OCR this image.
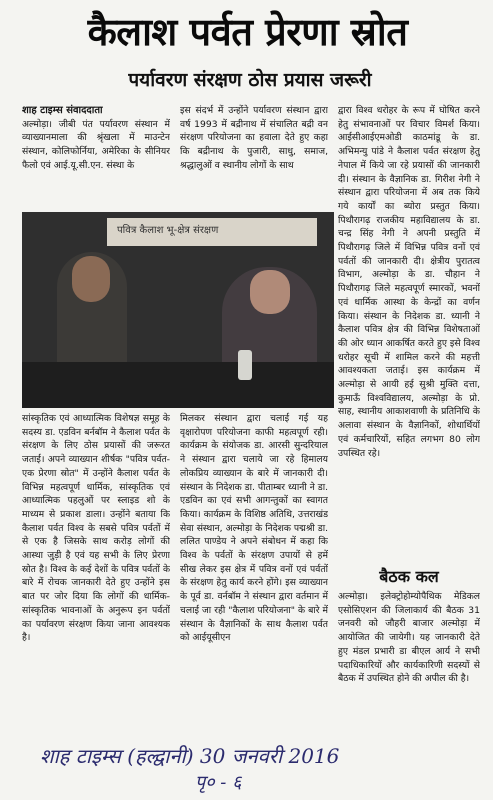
कैलाश पर्वत प्रेरणा स्रोत
पर्यावरण संरक्षण ठोस प्रयास जरूरी

शाह टाइम्स संवाददाता

अल्मोड़ा। जीबी पंत पर्यावरण संस्थान में व्याख्यानमाला की श्रृंखला में माउन्टेन संस्थान, कोलिफोर्निया, अमेरिका के सीनियर फैलो एवं आई.यू.सी.एन. संस्था के

इस संदर्भ में उन्होंने पर्यावरण संस्थान द्वारा वर्ष 1993 में बद्रीनाथ में संचालित बद्री वन संरक्षण परियोजना का हवाला देते हुए कहा कि बद्रीनाथ के पुजारी, साधु, समाज, श्रद्धालुओं व स्थानीय लोगों के साथ

द्वारा विश्व धरोहर के रूप में घोषित करने हेतु संभावनाओं पर विचार विमर्श किया। आईसीआईएमओडी काठमांडू के डा. अभिमन्यु पांडे ने कैलाश पर्वत संरक्षण हेतु नेपाल में किये जा रहे प्रयासों की जानकारी दी। संस्थान के वैज्ञानिक डा. गिरीश नेगी ने संस्थान द्वारा परियोजना में अब तक किये गये कार्यों का ब्योरा प्रस्तुत किया। पिथौरागढ़ राजकीय महाविद्यालय के डा. चन्द्र सिंह नेगी ने अपनी प्रस्तुति में पिथौरागढ़ जिले में विभिन्न पवित्र वनों एवं पर्वतों की जानकारी दी। क्षेत्रीय पुरातत्व विभाग, अल्मोड़ा के डा. चौहान ने पिथौरागढ़ जिले महत्वपूर्ण स्मारकों, भवनों एवं धार्मिक आस्था के केन्द्रों का वर्णन किया। संस्थान के निदेशक डा. ध्यानी ने कैलाश पवित्र क्षेत्र की विभिन्न विशेषताओं की ओर ध्यान आकर्षित करते हुए इसे विश्व धरोहर सूची में शामिल करने की महत्ती आवश्यकता जताई। इस कार्यक्रम में अल्मोड़ा से आयी हई सुश्री मुक्ति दत्ता, कुमाऊँ विश्वविद्यालय, अल्मोड़ा के प्रो. साह, स्थानीय आकाशवाणी के प्रतिनिधि के अलावा संस्थान के वैज्ञानिकों, शोधार्थियों एवं कर्मचारियों, सहित लगभग 80 लोग उपस्थित रहे।

पवित्र कैलाश भू-क्षेत्र संरक्षण

सांस्कृतिक एवं आध्यात्मिक विशेषज्ञ समूह के सदस्य डा. एडविन बर्नबॉम ने कैलाश पर्वत के संरक्षण के लिए ठोस प्रयासों की जरूरत जताई। अपने व्याख्यान शीर्षक "पवित्र पर्वत-एक प्रेरणा स्रोत" में उन्होंने कैलाश पर्वत के विभिन्न महत्वपूर्ण धार्मिक, सांस्कृतिक एवं आध्यात्मिक पहलुओं पर स्लाइड शो के माध्यम से प्रकाश डाला। उन्होंने बताया कि कैलाश पर्वत विश्व के सबसे पवित्र पर्वतों में से एक है जिसके साथ करोड़ लोगों की आस्था जुड़ी है एवं यह सभी के लिए प्रेरणा स्रोत है। विश्व के कई देशों के पवित्र पर्वतों के बारे में रोचक जानकारी देते हुए उन्होंने इस बात पर जोर दिया कि लोगों की धार्मिक-सांस्कृतिक भावनाओं के अनुरूप इन पर्वतों का पर्यावरण संरक्षण किया जाना आवश्यक है।

मिलकर संस्थान द्वारा चलाई गई यह वृक्षारोपण परियोजना काफी महत्वपूर्ण रही। कार्यक्रम के संयोजक डा. आरसी सुन्दरियाल ने संस्थान द्वारा चलाये जा रहे हिमालय लोकप्रिय व्याख्यान के बारे में जानकारी दी। संस्थान के निदेशक डा. पीताम्बर ध्यानी ने डा. एडविन का एवं सभी आगन्तुकों का स्वागत किया। कार्यक्रम के विशिष्ठ अतिथि, उत्तराखंड सेवा संस्थान, अल्मोड़ा के निदेशक पद्मश्री डा. ललित पाण्डेय ने अपने संबोधन में कहा कि विश्व के पर्वतों के संरक्षण उपायों से हमें सीख लेकर इस क्षेत्र में पवित्र वनों एवं पर्वतों के संरक्षण हेतु कार्य करने होंगे। इस व्याख्यान के पूर्व डा. वर्नबॉम ने संस्थान द्वारा वर्तमान में चलाई जा रही "कैलाश परियोजना" के बारे में संस्थान के वैज्ञानिकों के साथ कैलाश पर्वत को आईयूसीएन

बैठक कल

अल्मोड़ा। इलेक्ट्रोहोम्योपैथिक मेडिकल एसोसिएशन की जिलाकार्य की बैठक 31 जनवरी को जौहरी बाजार अल्मोड़ा में आयोजित की जायेगी। यह जानकारी देते हुए मंडल प्रभारी डा बीएल आर्य ने सभी पदाधिकारियों और कार्यकारिणी सदस्यों से बैठक में उपस्थित होने की अपील की है।

शाह टाइम्स (हल्द्वानी) 30 जनवरी 2016
पृ० - ६
